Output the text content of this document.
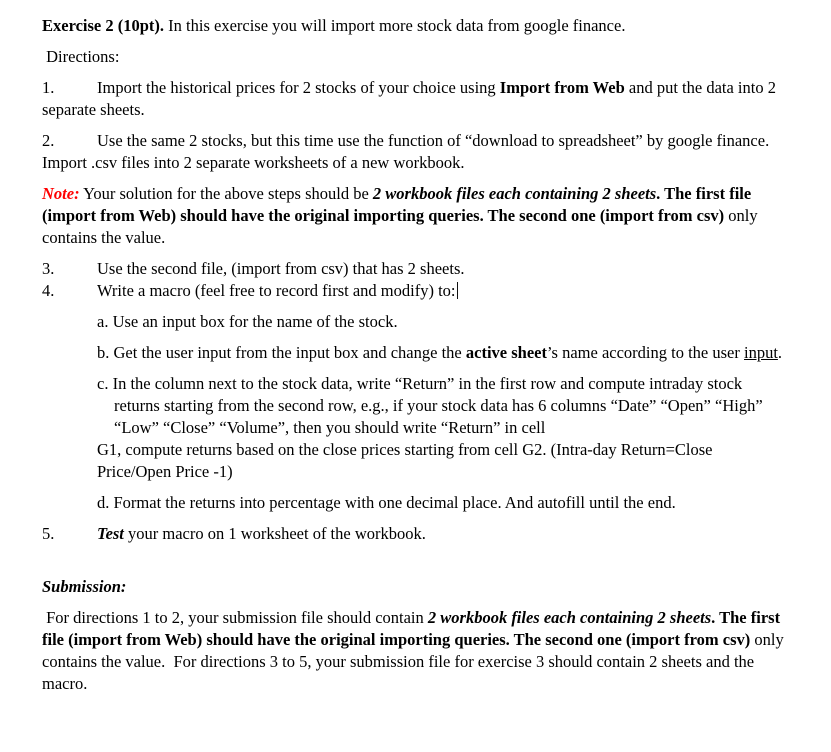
Exercise 2 (10pt). In this exercise you will import more stock data from google finance.

Directions:

1.	Import the historical prices for 2 stocks of your choice using Import from Web and put the data into 2 separate sheets.

2.	Use the same 2 stocks, but this time use the function of “download to spreadsheet” by google finance. Import .csv files into 2 separate worksheets of a new workbook.

Note: Your solution for the above steps should be 2 workbook files each containing 2 sheets. The first file (import from Web) should have the original importing queries. The second one (import from csv) only contains the value.

3.	Use the second file, (import from csv) that has 2 sheets.

4.	Write a macro (feel free to record first and modify) to:

a. Use an input box for the name of the stock.

b. Get the user input from the input box and change the active sheet’s name according to the user input.

c. In the column next to the stock data, write “Return” in the first row and compute intraday stock returns starting from the second row, e.g., if your stock data has 6 columns “Date” “Open” “High” “Low” “Close” “Volume”, then you should write “Return” in cell

G1, compute returns based on the close prices starting from cell G2. (Intra-day Return=Close Price/Open Price -1)

d. Format the returns into percentage with one decimal place. And autofill until the end.

5.	Test your macro on 1 worksheet of the workbook.

Submission:

For directions 1 to 2, your submission file should contain 2 workbook files each containing 2 sheets. The first file (import from Web) should have the original importing queries. The second one (import from csv) only contains the value.  For directions 3 to 5, your submission file for exercise 3 should contain 2 sheets and the macro.
